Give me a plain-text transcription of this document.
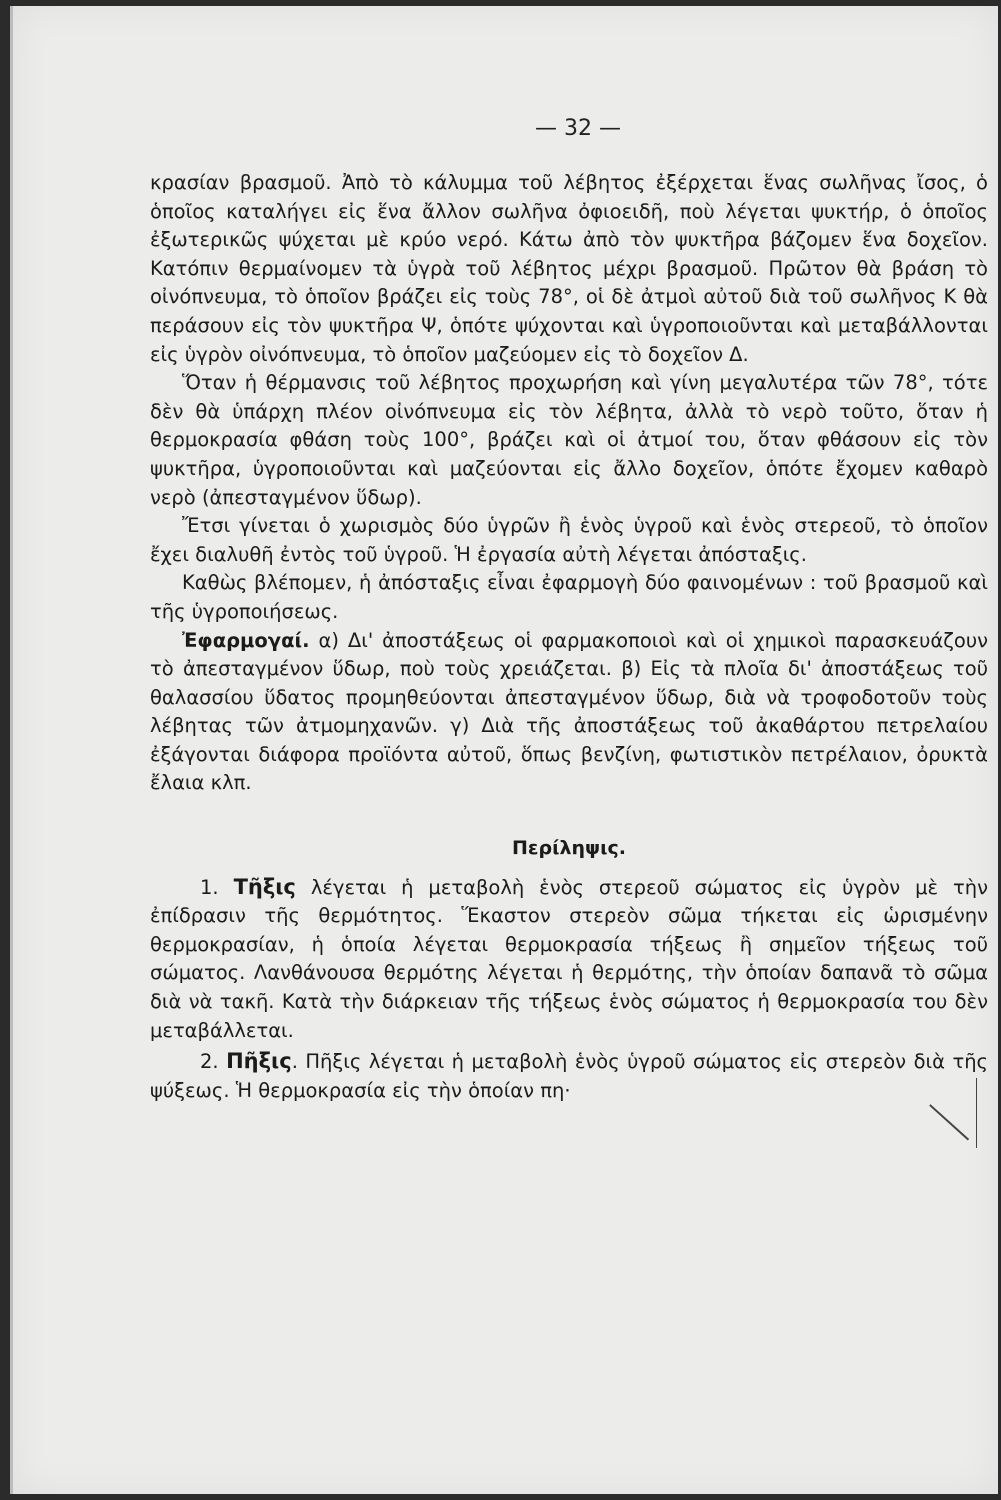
— 32 —

κρασίαν βρασμοῦ. Ἀπὸ τὸ κάλυμμα τοῦ λέβητος ἐξέρχεται ἕνας σωλῆνας ἴσος, ὁ ὁποῖος καταλήγει εἰς ἕνα ἄλλον σωλῆνα ὀφιοειδῆ, ποὺ λέγεται ψυκτήρ, ὁ ὁποῖος ἐξωτερικῶς ψύχεται μὲ κρύο νερό. Κάτω ἀπὸ τὸν ψυκτῆρα βάζομεν ἕνα δοχεῖον. Κατόπιν θερμαίνομεν τὰ ὑγρὰ τοῦ λέβητος μέχρι βρασμοῦ. Πρῶτον θὰ βράση τὸ οἰνόπνευμα, τὸ ὁποῖον βράζει εἰς τοὺς 78°, οἱ δὲ ἀτμοὶ αὐτοῦ διὰ τοῦ σωλῆνος Κ θὰ περάσουν εἰς τὸν ψυκτῆρα Ψ, ὁπότε ψύχονται καὶ ὑγροποιοῦνται καὶ μεταβάλλονται εἰς ὑγρὸν οἰνόπνευμα, τὸ ὁποῖον μαζεύομεν εἰς τὸ δοχεῖον Δ.

Ὅταν ἡ θέρμανσις τοῦ λέβητος προχωρήση καὶ γίνη μεγαλυτέρα τῶν 78°, τότε δὲν θὰ ὑπάρχη πλέον οἰνόπνευμα εἰς τὸν λέβητα, ἀλλὰ τὸ νερὸ τοῦτο, ὅταν ἡ θερμοκρασία φθάση τοὺς 100°, βράζει καὶ οἱ ἀτμοί του, ὅταν φθάσουν εἰς τὸν ψυκτῆρα, ὑγροποιοῦνται καὶ μαζεύονται εἰς ἄλλο δοχεῖον, ὁπότε ἔχομεν καθαρὸ νερὸ (ἀπεσταγμένον ὕδωρ).

Ἔτσι γίνεται ὁ χωρισμὸς δύο ὑγρῶν ἢ ἑνὸς ὑγροῦ καὶ ἑνὸς στερεοῦ, τὸ ὁποῖον ἔχει διαλυθῆ ἐντὸς τοῦ ὑγροῦ. Ἡ ἐργασία αὐτὴ λέγεται ἀπόσταξις.

Καθὼς βλέπομεν, ἡ ἀπόσταξις εἶναι ἐφαρμογὴ δύο φαινομένων : τοῦ βρασμοῦ καὶ τῆς ὑγροποιήσεως.

Ἐφαρμογαί. α) Δι' ἀποστάξεως οἱ φαρμακοποιοὶ καὶ οἱ χημικοὶ παρασκευάζουν τὸ ἀπεσταγμένον ὕδωρ, ποὺ τοὺς χρειάζεται. β) Εἰς τὰ πλοῖα δι' ἀποστάξεως τοῦ θαλασσίου ὕδατος προμηθεύονται ἀπεσταγμένον ὕδωρ, διὰ νὰ τροφοδοτοῦν τοὺς λέβητας τῶν ἀτμομηχανῶν. γ) Διὰ τῆς ἀποστάξεως τοῦ ἀκαθάρτου πετρελαίου ἐξάγονται διάφορα προϊόντα αὐτοῦ, ὅπως βενζίνη, φωτιστικὸν πετρέλαιον, ὀρυκτὰ ἔλαια κλπ.

Περίληψις.

1. Τῆξις λέγεται ἡ μεταβολὴ ἑνὸς στερεοῦ σώματος εἰς ὑγρὸν μὲ τὴν ἐπίδρασιν τῆς θερμότητος. Ἕκαστον στερεὸν σῶμα τήκεται εἰς ὡρισμένην θερμοκρασίαν, ἡ ὁποία λέγεται θερμοκρασία τήξεως ἢ σημεῖον τήξεως τοῦ σώματος. Λανθάνουσα θερμότης λέγεται ἡ θερμότης, τὴν ὁποίαν δαπανᾶ τὸ σῶμα διὰ νὰ τακῆ. Κατὰ τὴν διάρκειαν τῆς τήξεως ἑνὸς σώματος ἡ θερμοκρασία του δὲν μεταβάλλεται.

2. Πῆξις. Πῆξις λέγεται ἡ μεταβολὴ ἑνὸς ὑγροῦ σώματος εἰς στερεὸν διὰ τῆς ψύξεως. Ἡ θερμοκρασία εἰς τὴν ὁποίαν πη·
